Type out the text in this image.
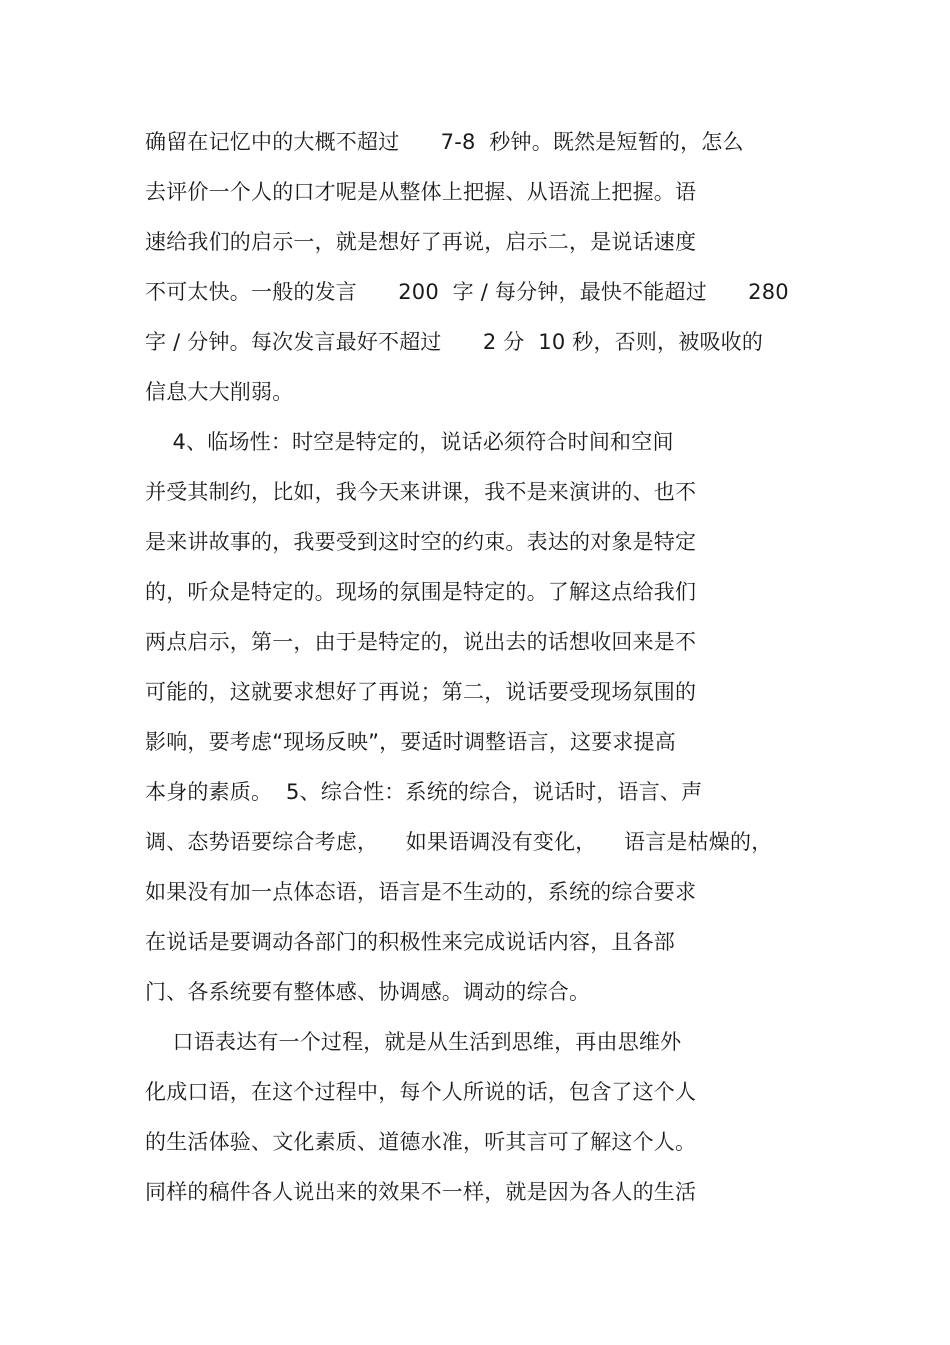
确留在记忆中的大概不超过      7-8  秒钟。既然是短暂的，怎么
去评价一个人的口才呢是从整体上把握、从语流上把握。语
速给我们的启示一，就是想好了再说，启示二，是说话速度
不可太快。一般的发言      200  字 / 每分钟，最快不能超过      280
字 / 分钟。每次发言最好不超过      2 分  10 秒，否则，被吸收的
信息大大削弱。
4、临场性：时空是特定的，说话必须符合时间和空间
并受其制约，比如，我今天来讲课，我不是来演讲的、也不
是来讲故事的，我要受到这时空的约束。表达的对象是特定
的，听众是特定的。现场的氛围是特定的。了解这点给我们
两点启示，第一，由于是特定的，说出去的话想收回来是不
可能的，这就要求想好了再说；第二，说话要受现场氛围的
影响，要考虑“现场反映”，要适时调整语言，这要求提高
本身的素质。  5、综合性：系统的综合，说话时，语言、声
调、态势语要综合考虑，    如果语调没有变化，    语言是枯燥的，
如果没有加一点体态语，语言是不生动的，系统的综合要求
在说话是要调动各部门的积极性来完成说话内容，且各部
门、各系统要有整体感、协调感。调动的综合。
口语表达有一个过程，就是从生活到思维，再由思维外
化成口语，在这个过程中，每个人所说的话，包含了这个人
的生活体验、文化素质、道德水准，听其言可了解这个人。
同样的稿件各人说出来的效果不一样，就是因为各人的生活
